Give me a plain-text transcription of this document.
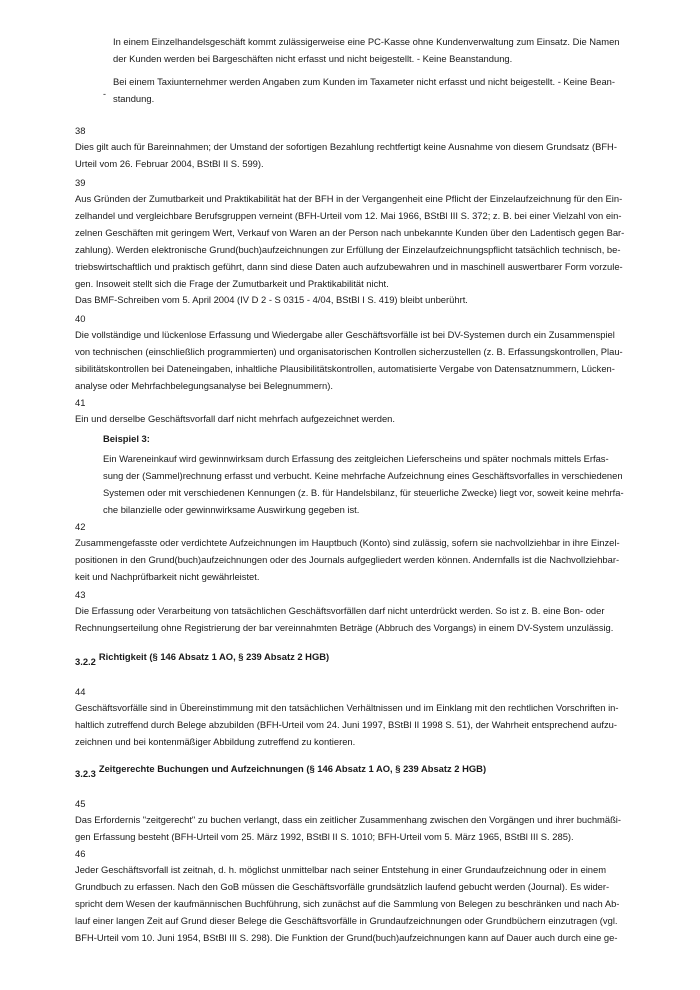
In einem Einzelhandelsgeschäft kommt zulässigerweise eine PC-Kasse ohne Kundenverwaltung zum Einsatz. Die Namen
der Kunden werden bei Bargeschäften nicht erfasst und nicht beigestellt. - Keine Beanstandung.

Bei einem Taxiunternehmer werden Angaben zum Kunden im Taxameter nicht erfasst und nicht beigestellt. - Keine Bean-
standung.

-
38

Dies gilt auch für Bareinnahmen; der Umstand der sofortigen Bezahlung rechtfertigt keine Ausnahme von diesem Grundsatz (BFH-
Urteil vom 26. Februar 2004, BStBl II S. 599).

39

Aus Gründen der Zumutbarkeit und Praktikabilität hat der BFH in der Vergangenheit eine Pflicht der Einzelaufzeichnung für den Ein-
zelhandel und vergleichbare Berufsgruppen verneint (BFH-Urteil vom 12. Mai 1966, BStBl III S. 372; z. B. bei einer Vielzahl von ein-
zelnen Geschäften mit geringem Wert, Verkauf von Waren an der Person nach unbekannte Kunden über den Ladentisch gegen Bar-
zahlung). Werden elektronische Grund(buch)aufzeichnungen zur Erfüllung der Einzelaufzeichnungspflicht tatsächlich technisch, be-
triebswirtschaftlich und praktisch geführt, dann sind diese Daten auch aufzubewahren und in maschinell auswertbarer Form vorzule-
gen. Insoweit stellt sich die Frage der Zumutbarkeit und Praktikabilität nicht.

Das BMF-Schreiben vom 5. April 2004 (IV D 2 - S 0315 - 4/04, BStBl I S. 419) bleibt unberührt.

40

Die vollständige und lückenlose Erfassung und Wiedergabe aller Geschäftsvorfälle ist bei DV-Systemen durch ein Zusammenspiel
von technischen (einschließlich programmierten) und organisatorischen Kontrollen sicherzustellen (z. B. Erfassungskontrollen, Plau-
sibilitätskontrollen bei Dateneingaben, inhaltliche Plausibilitätskontrollen, automatisierte Vergabe von Datensatznummern, Lücken-
analyse oder Mehrfachbelegungsanalyse bei Belegnummern).

41

Ein und derselbe Geschäftsvorfall darf nicht mehrfach aufgezeichnet werden.

Beispiel 3:

Ein Wareneinkauf wird gewinnwirksam durch Erfassung des zeitgleichen Lieferscheins und später nochmals mittels Erfas-
sung der (Sammel)rechnung erfasst und verbucht. Keine mehrfache Aufzeichnung eines Geschäftsvorfalles in verschiedenen
Systemen oder mit verschiedenen Kennungen (z. B. für Handelsbilanz, für steuerliche Zwecke) liegt vor, soweit keine mehrfa-
che bilanzielle oder gewinnwirksame Auswirkung gegeben ist.

42

Zusammengefasste oder verdichtete Aufzeichnungen im Hauptbuch (Konto) sind zulässig, sofern sie nachvollziehbar in ihre Einzel-
positionen in den Grund(buch)aufzeichnungen oder des Journals aufgegliedert werden können. Andernfalls ist die Nachvollziehbar-
keit und Nachprüfbarkeit nicht gewährleistet.

43

Die Erfassung oder Verarbeitung von tatsächlichen Geschäftsvorfällen darf nicht unterdrückt werden. So ist z. B. eine Bon- oder
Rechnungserteilung ohne Registrierung der bar vereinnahmten Beträge (Abbruch des Vorgangs) in einem DV-System unzulässig.

3.2.2 Richtigkeit (§ 146 Absatz 1 AO, § 239 Absatz 2 HGB)
44

Geschäftsvorfälle sind in Übereinstimmung mit den tatsächlichen Verhältnissen und im Einklang mit den rechtlichen Vorschriften in-
haltlich zutreffend durch Belege abzubilden (BFH-Urteil vom 24. Juni 1997, BStBl II 1998 S. 51), der Wahrheit entsprechend aufzu-
zeichnen und bei kontenmäßiger Abbildung zutreffend zu kontieren.

3.2.3 Zeitgerechte Buchungen und Aufzeichnungen (§ 146 Absatz 1 AO, § 239 Absatz 2 HGB)
45

Das Erfordernis "zeitgerecht" zu buchen verlangt, dass ein zeitlicher Zusammenhang zwischen den Vorgängen und ihrer buchmäßi-
gen Erfassung besteht (BFH-Urteil vom 25. März 1992, BStBl II S. 1010; BFH-Urteil vom 5. März 1965, BStBl III S. 285).

46

Jeder Geschäftsvorfall ist zeitnah, d. h. möglichst unmittelbar nach seiner Entstehung in einer Grundaufzeichnung oder in einem
Grundbuch zu erfassen. Nach den GoB müssen die Geschäftsvorfälle grundsätzlich laufend gebucht werden (Journal). Es wider-
spricht dem Wesen der kaufmännischen Buchführung, sich zunächst auf die Sammlung von Belegen zu beschränken und nach Ab-
lauf einer langen Zeit auf Grund dieser Belege die Geschäftsvorfälle in Grundaufzeichnungen oder Grundbüchern einzutragen (vgl.
BFH-Urteil vom 10. Juni 1954, BStBl III S. 298). Die Funktion der Grund(buch)aufzeichnungen kann auf Dauer auch durch eine ge-
